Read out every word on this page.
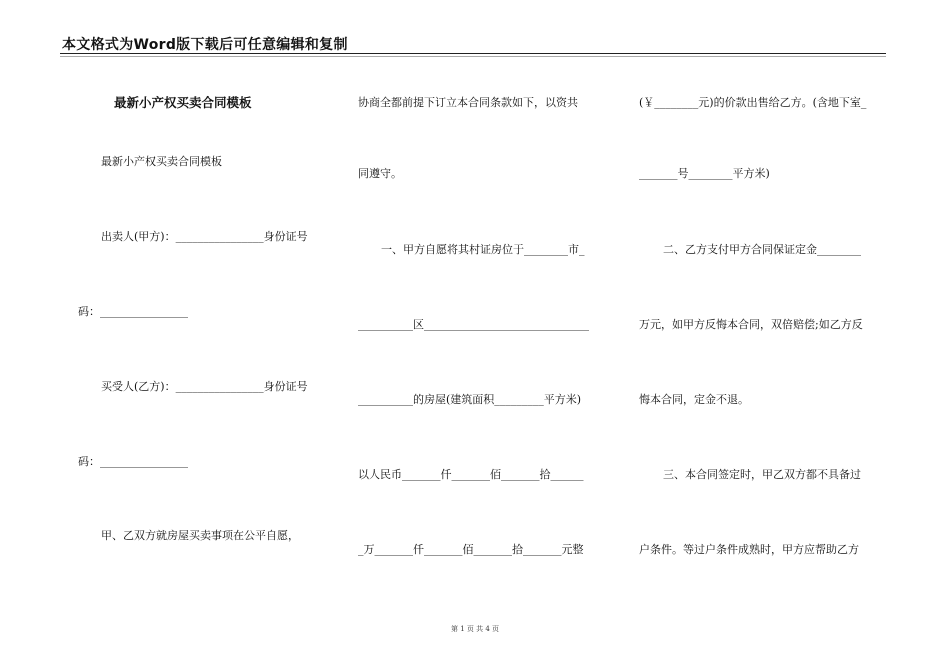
本文格式为Word版下载后可任意编辑和复制
最新小产权买卖合同模板
最新小产权买卖合同模板
出卖人(甲方)：________________身份证号
码：________________
买受人(乙方)：________________身份证号
码：________________
甲、乙双方就房屋买卖事项在公平自愿，
协商全都前提下订立本合同条款如下，以资共
同遵守。
一、甲方自愿将其村证房位于________市_
__________区______________________________
__________的房屋(建筑面积_________平方米)
以人民币_______仟_______佰_______拾______
_万_______仟_______佰_______拾_______元整
(￥________元)的价款出售给乙方。(含地下室_
_______号________平方米)
二、乙方支付甲方合同保证定金________
万元，如甲方反悔本合同，双倍赔偿;如乙方反
悔本合同，定金不退。
三、本合同签定时，甲乙双方都不具备过
户条件。等过户条件成熟时，甲方应帮助乙方
第 1 页 共 4 页
